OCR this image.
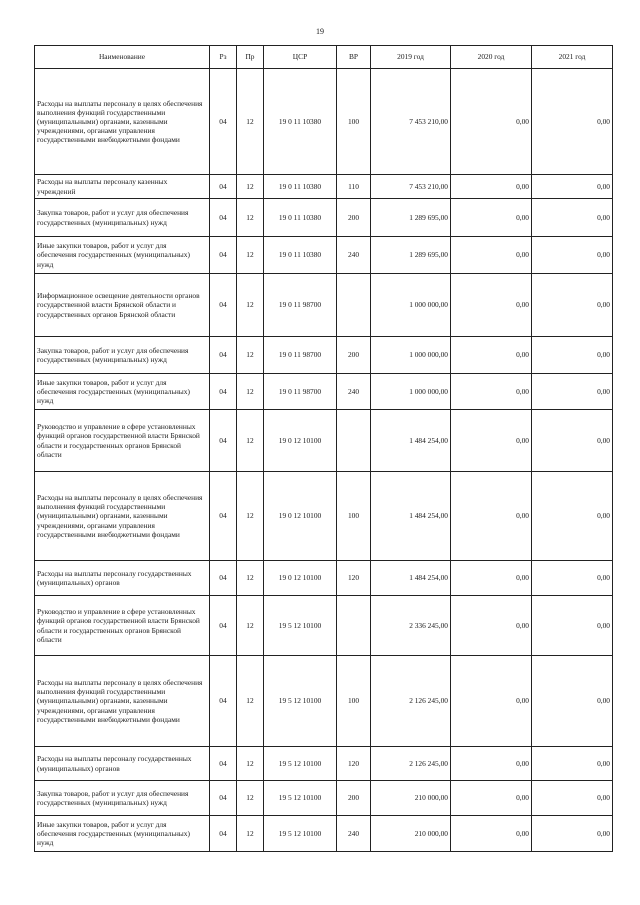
19
Наименование	Рз	Пр	ЦСР	ВР	2019 год	2020 год	2021 год
Расходы на выплаты персоналу в целях обеспечения выполнения функций государственными (муниципальными) органами, казенными учреждениями, органами управления государственными внебюджетными фондами	04	12	19 0 11 10380	100	7 453 210,00	0,00	0,00
Расходы на выплаты персоналу казенных учреждений	04	12	19 0 11 10380	110	7 453 210,00	0,00	0,00
Закупка товаров, работ и услуг для обеспечения государственных (муниципальных) нужд	04	12	19 0 11 10380	200	1 289 695,00	0,00	0,00
Иные закупки товаров, работ и услуг для обеспечения государственных (муниципальных) нужд	04	12	19 0 11 10380	240	1 289 695,00	0,00	0,00
Информационное освещение деятельности органов государственной власти Брянской области и государственных органов Брянской области	04	12	19 0 11 98700		1 000 000,00	0,00	0,00
Закупка товаров, работ и услуг для обеспечения государственных (муниципальных) нужд	04	12	19 0 11 98700	200	1 000 000,00	0,00	0,00
Иные закупки товаров, работ и услуг для обеспечения государственных (муниципальных) нужд	04	12	19 0 11 98700	240	1 000 000,00	0,00	0,00
Руководство и управление в сфере установленных функций органов государственной власти Брянской области и государственных органов Брянской области	04	12	19 0 12 10100		1 484 254,00	0,00	0,00
Расходы на выплаты персоналу в целях обеспечения выполнения функций государственными (муниципальными) органами, казенными учреждениями, органами управления государственными внебюджетными фондами	04	12	19 0 12 10100	100	1 484 254,00	0,00	0,00
Расходы на выплаты персоналу государственных (муниципальных) органов	04	12	19 0 12 10100	120	1 484 254,00	0,00	0,00
Руководство и управление в сфере установленных функций органов государственной власти Брянской области и государственных органов Брянской области	04	12	19 5 12 10100		2 336 245,00	0,00	0,00
Расходы на выплаты персоналу в целях обеспечения выполнения функций государственными (муниципальными) органами, казенными учреждениями, органами управления государственными внебюджетными фондами	04	12	19 5 12 10100	100	2 126 245,00	0,00	0,00
Расходы на выплаты персоналу государственных (муниципальных) органов	04	12	19 5 12 10100	120	2 126 245,00	0,00	0,00
Закупка товаров, работ и услуг для обеспечения государственных (муниципальных) нужд	04	12	19 5 12 10100	200	210 000,00	0,00	0,00
Иные закупки товаров, работ и услуг для обеспечения государственных (муниципальных) нужд	04	12	19 5 12 10100	240	210 000,00	0,00	0,00
